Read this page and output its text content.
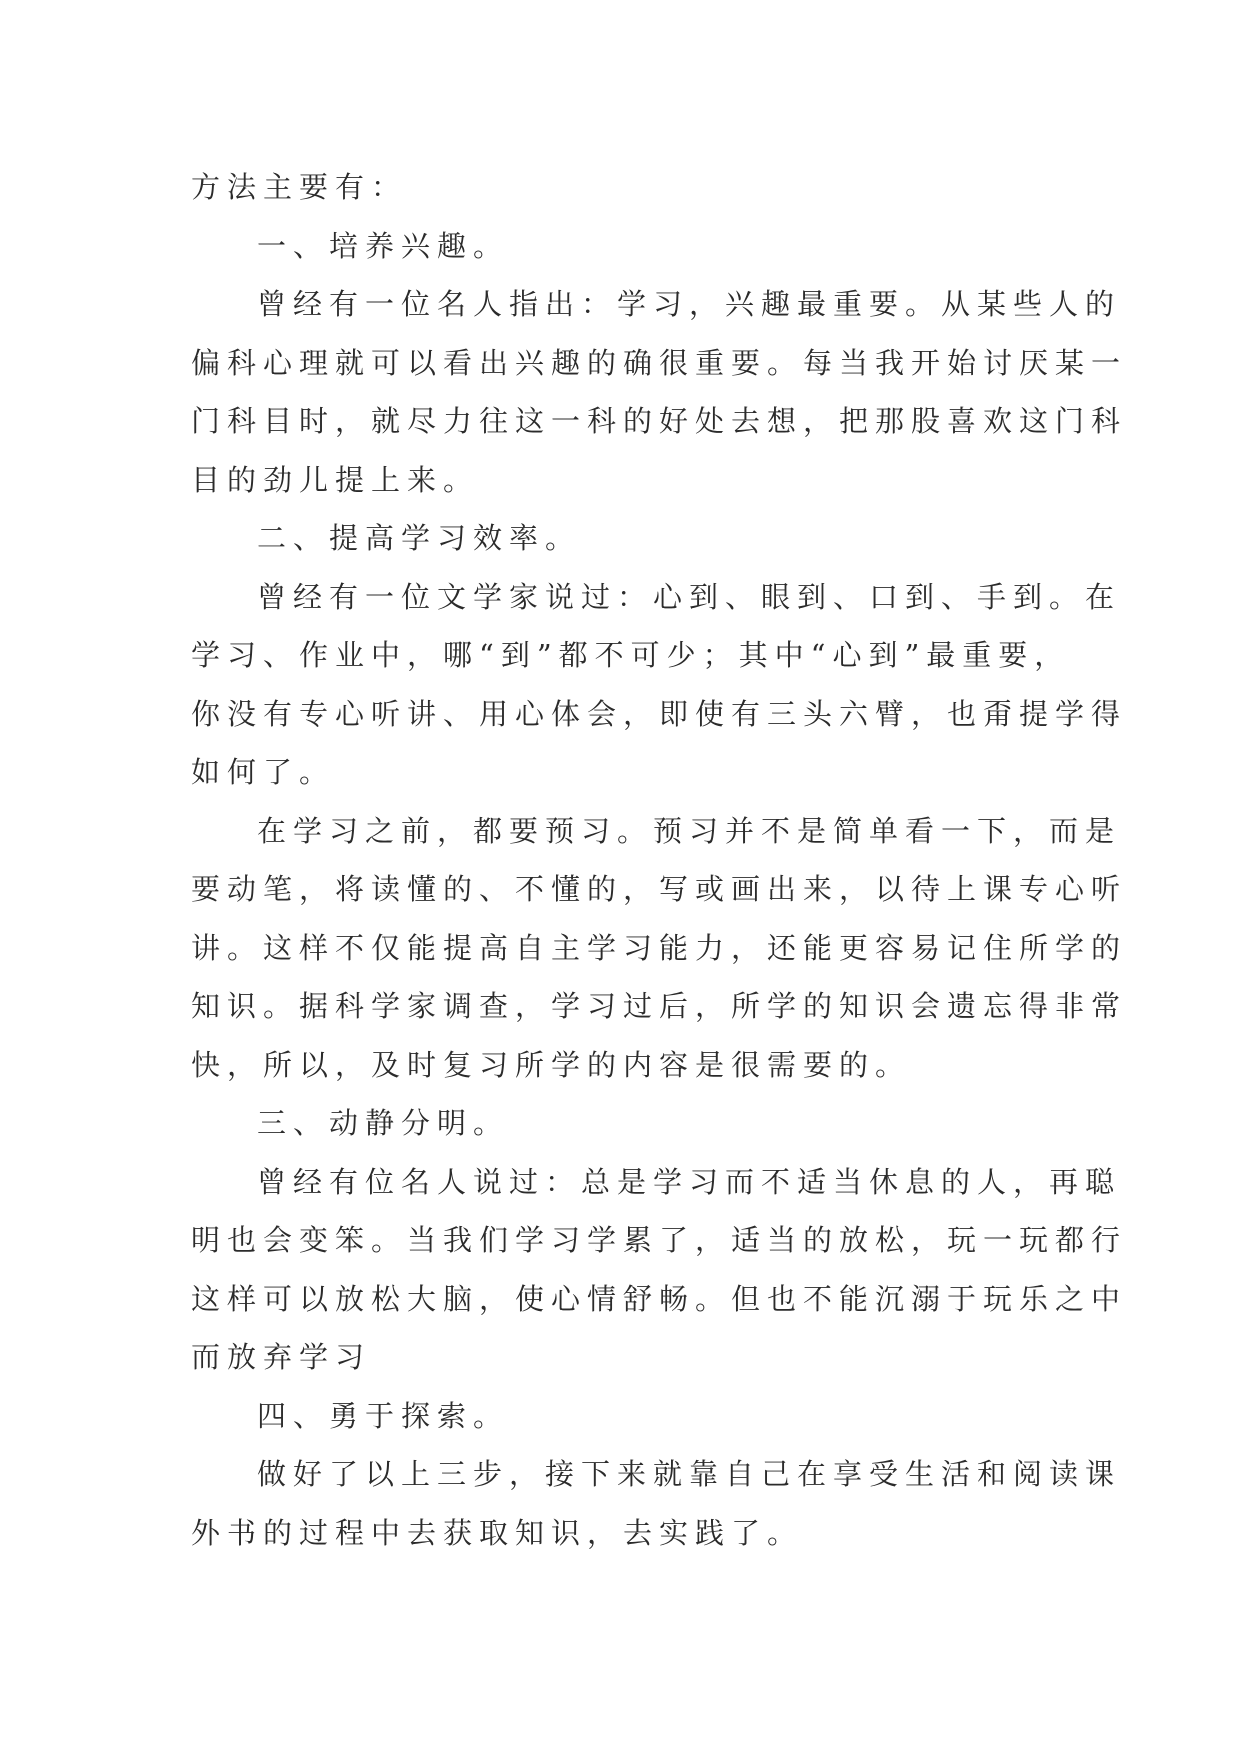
方法主要有：
一、培养兴趣。
曾经有一位名人指出：学习，兴趣最重要。从某些人的
偏科心理就可以看出兴趣的确很重要。每当我开始讨厌某一
门科目时，就尽力往这一科的好处去想，把那股喜欢这门科
目的劲儿提上来。
二、提高学习效率。
曾经有一位文学家说过：心到、眼到、口到、手到。在
学习、作业中，哪“到”都不可少；其中“心到”最重要，
你没有专心听讲、用心体会，即使有三头六臂，也甭提学得
如何了。
在学习之前，都要预习。预习并不是简单看一下，而是
要动笔，将读懂的、不懂的，写或画出来，以待上课专心听
讲。这样不仅能提高自主学习能力，还能更容易记住所学的
知识。据科学家调查，学习过后，所学的知识会遗忘得非常
快，所以，及时复习所学的内容是很需要的。
三、动静分明。
曾经有位名人说过：总是学习而不适当休息的人，再聪
明也会变笨。当我们学习学累了，适当的放松，玩一玩都行
这样可以放松大脑，使心情舒畅。但也不能沉溺于玩乐之中
而放弃学习
四、勇于探索。
做好了以上三步，接下来就靠自己在享受生活和阅读课
外书的过程中去获取知识，去实践了。
